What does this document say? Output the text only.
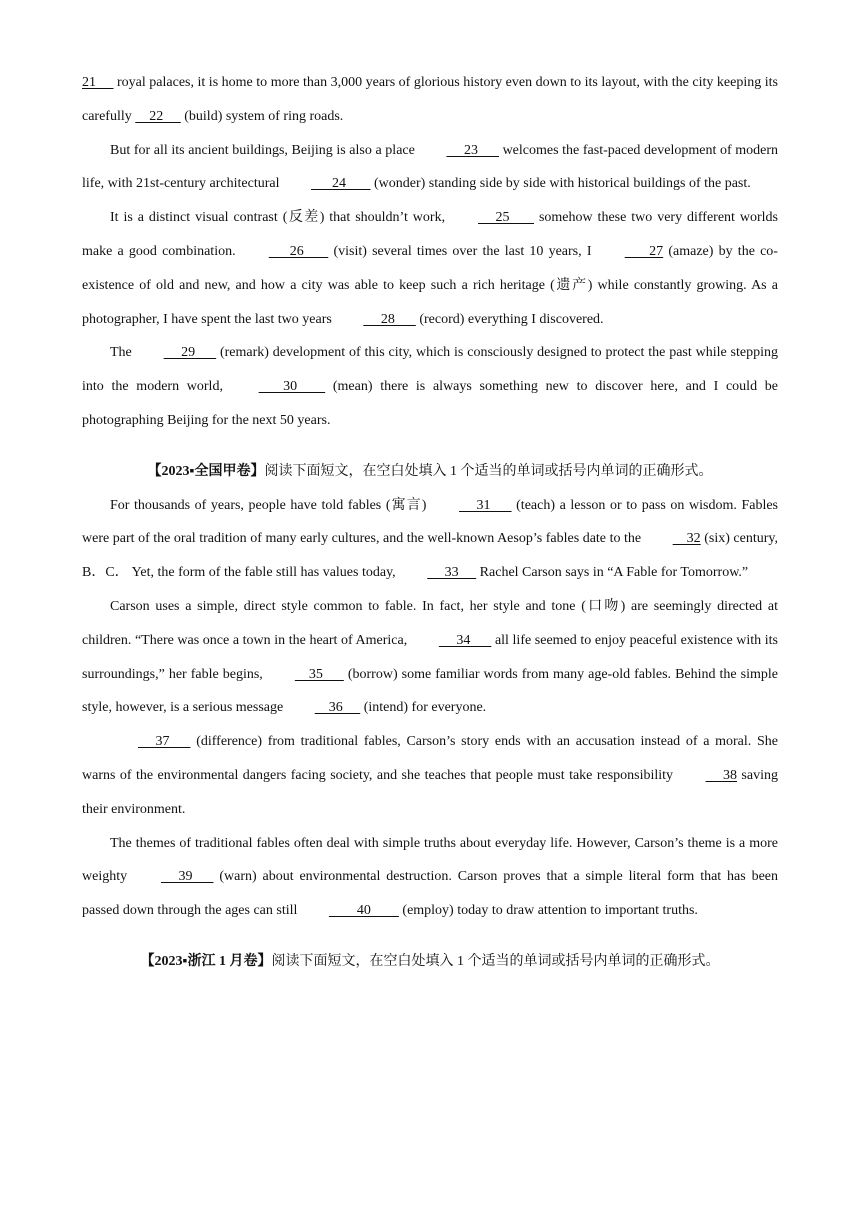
21      royal palaces, it is home to more than 3,000 years of glorious history even down to its layout, with the city keeping its carefully     22      (build) system of ring roads.

But for all its ancient buildings, Beijing is also a place      23       welcomes the fast-paced development of modern life, with 21st-century architectural       24        (wonder) standing side by side with historical buildings of the past.

It is a distinct visual contrast (反差) that shouldn’t work,      25        somehow these two very different worlds make a good combination.       26        (visit) several times over the last 10 years, I        27 (amaze) by the co-existence of old and new, and how a city was able to keep such a rich heritage (遗产) while constantly growing. As a photographer, I have spent the last two years      28       (record) everything I discovered.

The      29       (remark) development of this city, which is consciously designed to protect the past while stepping into the modern world,        30         (mean) there is always something new to discover here, and I could be photographing Beijing for the next 50 years.

【2023▪全国甲卷】阅读下面短文，在空白处填入 1 个适当的单词或括号内单词的正确形式。

For thousands of years, people have told fables (寓言)      31       (teach) a lesson or to pass on wisdom. Fables were part of the oral tradition of many early cultures, and the well-known Aesop’s fables date to the     32 (six) century, B．C． Yet, the form of the fable still has values today,      33      Rachel Carson says in “A Fable for Tomorrow.”

Carson uses a simple, direct style common to fable. In fact, her style and tone (口吻) are seemingly directed at children. “There was once a town in the heart of America,      34       all life seemed to enjoy peaceful existence with its surroundings,” her fable begins,     35       (borrow) some familiar words from many age-old fables. Behind the simple style, however, is a serious message     36      (intend) for everyone.

37       (difference) from traditional fables, Carson’s story ends with an accusation instead of a moral. She warns of the environmental dangers facing society, and she teaches that people must take responsibility      38 saving their environment.

The themes of traditional fables often deal with simple truths about everyday life. However, Carson’s theme is a more weighty      39       (warn) about environmental destruction. Carson proves that a simple literal form that has been passed down through the ages can still         40         (employ) today to draw attention to important truths.

【2023▪浙江 1 月卷】阅读下面短文，在空白处填入 1 个适当的单词或括号内单词的正确形式。
